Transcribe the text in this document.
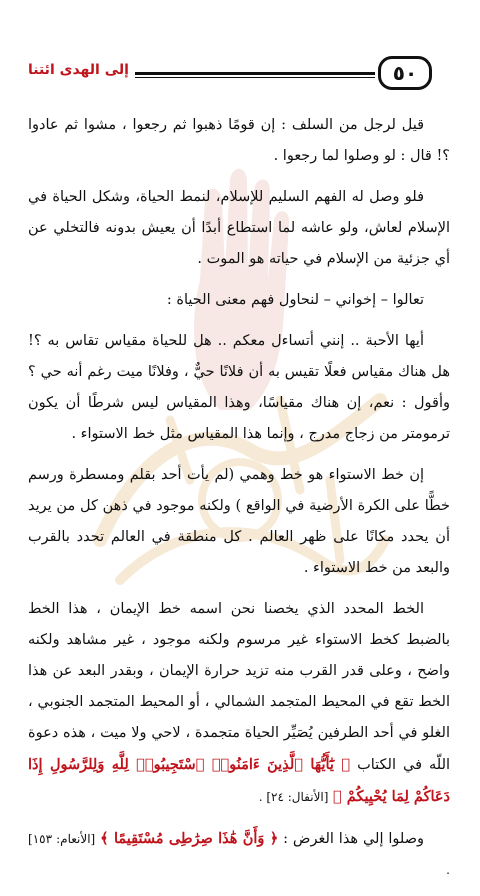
إلى الهدى ائتنا	٥٠

قيل لرجل من السلف : إن قومًا ذهبوا ثم رجعوا ، مشوا ثم عادوا ؟! قال : لو وصلوا لما رجعوا .

فلو وصل له الفهم السليم للإسلام، لنمط الحياة، وشكل الحياة في الإسلام لعاش، ولو عاشه لما استطاع أبدًا أن يعيش بدونه فالتخلي عن أي جزئية من الإسلام في حياته هو الموت .

تعالوا – إخواني – لنحاول فهم معنى الحياة :

أيها الأحبة .. إنني أتساءل معكم .. هل للحياة مقياس تقاس به ؟! هل هناك مقياس فعلًا تقيس به أن فلانًا حيٌّ ، وفلانًا ميت رغم أنه حي ؟ وأقول : نعم، إن هناك مقياسًا، وهذا المقياس ليس شرطًا أن يكون ترمومتر من زجاج مدرج ، وإنما هذا المقياس مثل خط الاستواء .

إن خط الاستواء هو خط وهمي (لم يأت أحد بقلم ومسطرة ورسم خطًّا على الكرة الأرضية في الواقع ) ولكنه موجود في ذهن كل من يريد أن يحدد مكانًا على ظهر العالم . كل منطقة في العالم تحدد بالقرب والبعد من خط الاستواء .

الخط المحدد الذي يخصنا نحن اسمه خط الإيمان ، هذا الخط بالضبط كخط الاستواء غير مرسوم ولكنه موجود ، غير مشاهد ولكنه واضح ، وعلى قدر القرب منه تزيد حرارة الإيمان ، وبقدر البعد عن هذا الخط تقع في المحيط المتجمد الشمالي ، أو المحيط المتجمد الجنوبي ، الغلو في أحد الطرفين يُصَيِّر الحياة متجمدة ، لاحي ولا ميت ، هذه دعوة اللّه في الكتاب ﴿ يَٰٓأَيُّهَا ٱلَّذِينَ ءَامَنُوا۟ ٱسْتَجِيبُوا۟ لِلَّهِ وَلِلرَّسُولِ إِذَا دَعَاكُمْ لِمَا يُحْيِيكُمْ ﴾ [الأنفال: ٢٤] .

وصلوا إلي هذا الغرض : ﴿ وَأَنَّ هَٰذَا صِرَٰطِى مُسْتَقِيمًا ﴾ [الأنعام: ١٥٣] .
